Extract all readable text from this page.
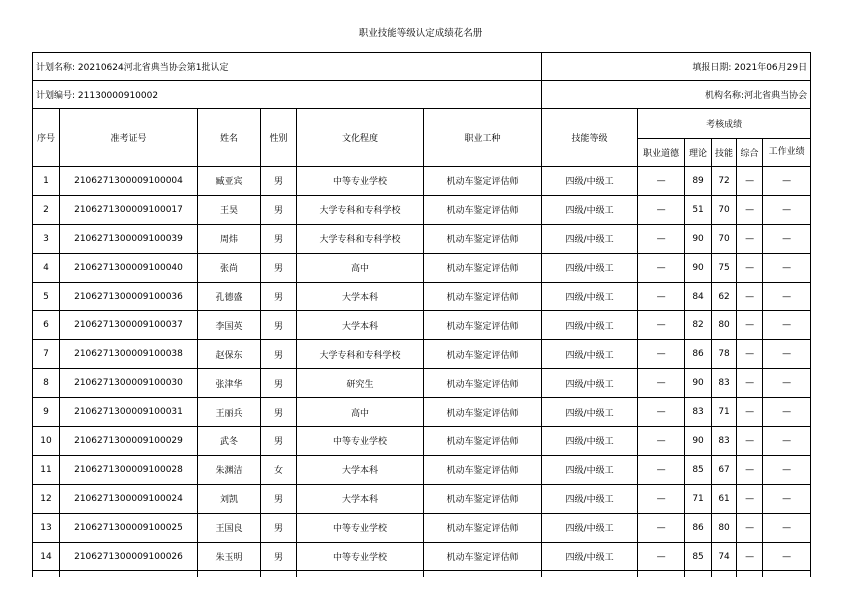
职业技能等级认定成绩花名册
计划名称: 20210624河北省典当协会第1批认定						填报日期: 2021年06月29日					
计划编号: 21130000910002						机构名称:河北省典当协会					
序号	准考证号	姓名	性别	文化程度	职业工种	技能等级	考核成绩				
							职业道德	理论	技能	综合	工作业绩
1	2106271300009100004	臧亚宾	男	中等专业学校	机动车鉴定评估师	四级/中级工	—	89	72	—	—
2	2106271300009100017	王昊	男	大学专科和专科学校	机动车鉴定评估师	四级/中级工	—	51	70	—	—
3	2106271300009100039	周炜	男	大学专科和专科学校	机动车鉴定评估师	四级/中级工	—	90	70	—	—
4	2106271300009100040	张尚	男	高中	机动车鉴定评估师	四级/中级工	—	90	75	—	—
5	2106271300009100036	孔德盛	男	大学本科	机动车鉴定评估师	四级/中级工	—	84	62	—	—
6	2106271300009100037	李国英	男	大学本科	机动车鉴定评估师	四级/中级工	—	82	80	—	—
7	2106271300009100038	赵保东	男	大学专科和专科学校	机动车鉴定评估师	四级/中级工	—	86	78	—	—
8	2106271300009100030	张津华	男	研究生	机动车鉴定评估师	四级/中级工	—	90	83	—	—
9	2106271300009100031	王丽兵	男	高中	机动车鉴定评估师	四级/中级工	—	83	71	—	—
10	2106271300009100029	武冬	男	中等专业学校	机动车鉴定评估师	四级/中级工	—	90	83	—	—
11	2106271300009100028	朱渊洁	女	大学本科	机动车鉴定评估师	四级/中级工	—	85	67	—	—
12	2106271300009100024	刘凯	男	大学本科	机动车鉴定评估师	四级/中级工	—	71	61	—	—
13	2106271300009100025	王国良	男	中等专业学校	机动车鉴定评估师	四级/中级工	—	86	80	—	—
14	2106271300009100026	朱玉明	男	中等专业学校	机动车鉴定评估师	四级/中级工	—	85	74	—	—
